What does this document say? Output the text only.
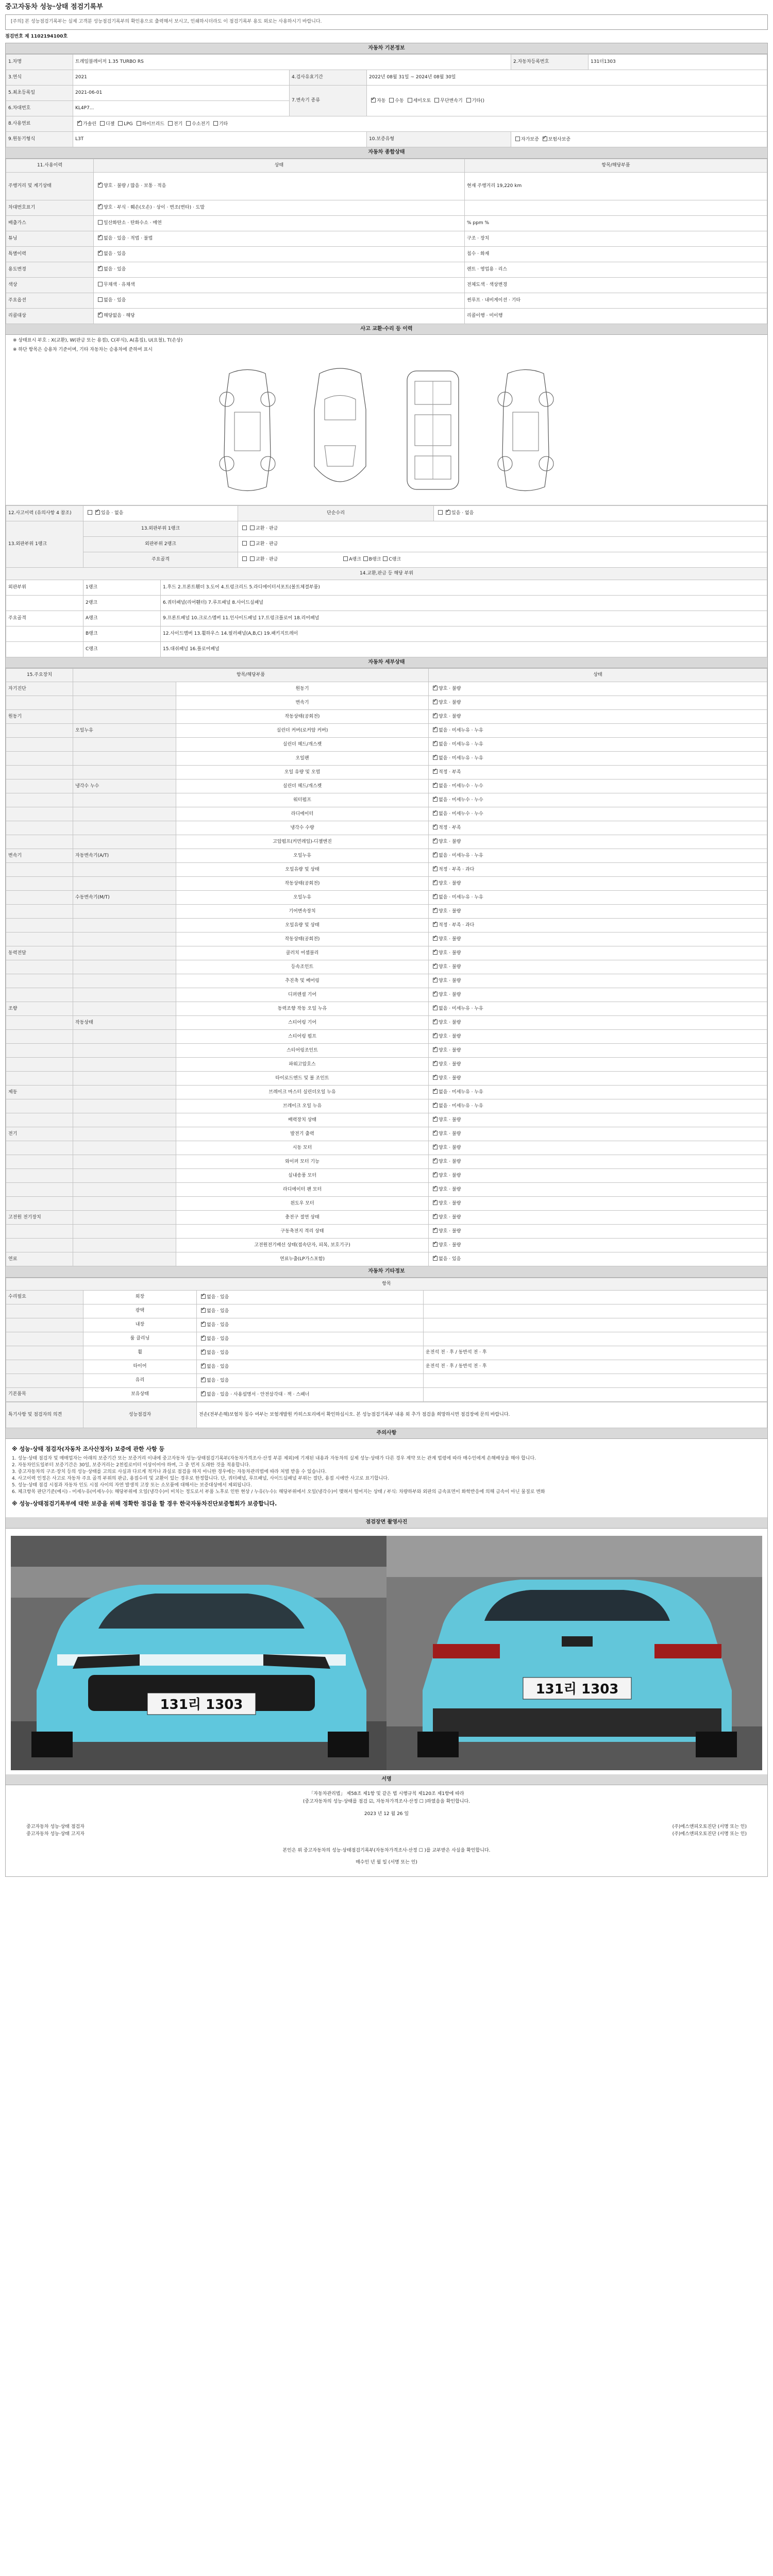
중고자동차 성능·상태 점검기록부
[주의] 본 성능점검기록부는 실제 고객분 성능점검기록부의 확인용으로 출력해서 보시고, 인쇄하시더라도 이 점검기록부 용도 외로는 사용하시기 바랍니다.
점검번호 제 1102194100호
자동차 기본정보
1.차명	트레일블레이저 1.35 TURBO RS			2.자동차등록번호	131더1303
3.연식	2021	4.검사유효기간	2022년 08월 31일 ~ 2024년 08월 30일		
5.최초등록일	2021-06-01	7.변속기 종류	✓자동 수동 세미오토 무단변속기 기타()
6.차대번호	KL4P7...				
8.사용연료	✓가솔린 디젤 LPG 하이브리드 전기 수소전기 기타
9.원동기형식	L3T		10.보증유형	자가보증 ✓ 보험사보증
자동차 종합상태
11.사용이력	상태	항목/해당부품
주행거리 및 계기상태	✓양호 · 불량 / 많음 · 보통 · 적음	현재 주행거리 19,220 km
차대번호표기	✓양호 · 부식 · 훼손(오손) · 상이 · 변조(변타) · 도말	
배출가스	일산화탄소 · 탄화수소 · 매연	% ppm %
튜닝	✓없음 · 있음 · 적법 · 불법	구조 · 장치
특별이력	✓없음 · 있음	침수 · 화재
용도변경	✓없음 · 있음	렌트 · 영업용 · 리스
색상	무채색 · 유채색	전체도색 · 색상변경
주요옵션	없음 · 있음	썬루프 · 내비게이션 · 기타
리콜대상	✓해당없음 · 해당	리콜이행 · 미이행
사고 교환·수리 등 이력
※ 상태표시 부호 : X(교환), W(판금 또는 용접), C(부식), A(흠집), U(요철), T(손상)
※ 하단 항목은 승용차 기준이며, 기타 자동차는 승용차에 준하여 표시
12.사고이력 (유의사항 4 참조)	✓있음 · 없음		단순수리	✓있음 · 없음
13.외판부위 1랭크	13.외판부위 1랭크		교환 · 판금	
	외판부위 2랭크		교환 · 판금	
	주요골격		교환 · 판금 A랭크 B랭크 C랭크	
14.교환,판금 등 해당 부위				
외판부위	1랭크	1.후드 2.프론트휀더 3.도어 4.트렁크리드 5.라디에이터서포트(볼트체결부품)		
	2랭크	6.쿼터패널(리어휀더) 7.루프패널 8.사이드실패널		
주요골격	A랭크	9.프론트패널 10.크로스멤버 11.인사이드패널 17.트렁크플로어 18.리어패널		
	B랭크	12.사이드멤버 13.휠하우스 14.필러패널(A,B,C) 19.패키지트레이		
	C랭크	15.대쉬패널 16.플로어패널		
자동차 세부상태
15.주요장치	항목/해당부품		상태
자기진단		원동기	✓양호 · 불량
		변속기	✓양호 · 불량
원동기		작동상태(공회전)	✓양호 · 불량
	오일누유	실린더 커버(로커암 커버)	✓없음 · 미세누유 · 누유
		실린더 헤드/개스켓	✓없음 · 미세누유 · 누유
		오일팬	✓없음 · 미세누유 · 누유
		오일 유량 및 오염	✓적정 · 부족
	냉각수 누수	실린더 헤드/개스켓	✓없음 · 미세누수 · 누수
		워터펌프	✓없음 · 미세누수 · 누수
		라디에이터	✓없음 · 미세누수 · 누수
		냉각수 수량	✓적정 · 부족
		고압펌프(커먼레일)-디젤엔진	✓양호 · 불량
변속기	자동변속기(A/T)	오일누유	✓없음 · 미세누유 · 누유
		오일유량 및 상태	✓적정 · 부족 · 과다
		작동상태(공회전)	✓양호 · 불량
	수동변속기(M/T)	오일누유	✓없음 · 미세누유 · 누유
		기어변속장치	✓양호 · 불량
		오일유량 및 상태	✓적정 · 부족 · 과다
		작동상태(공회전)	✓양호 · 불량
동력전달		클러치 어셈블리	✓양호 · 불량
		등속조인트	✓양호 · 불량
		추진축 및 베어링	✓양호 · 불량
		디퍼렌셜 기어	✓양호 · 불량
조향		동력조향 작동 오일 누유	✓없음 · 미세누유 · 누유
	작동상태	스티어링 기어	✓양호 · 불량
		스티어링 펌프	✓양호 · 불량
		스티어링조인트	✓양호 · 불량
		파워고압호스	✓양호 · 불량
		타이로드엔드 및 볼 조인트	✓양호 · 불량
제동		브레이크 마스터 실린더오일 누유	✓없음 · 미세누유 · 누유
		브레이크 오일 누유	✓없음 · 미세누유 · 누유
		배력장치 상태	✓양호 · 불량
전기		발전기 출력	✓양호 · 불량
		시동 모터	✓양호 · 불량
		와이퍼 모터 기능	✓양호 · 불량
		실내송풍 모터	✓양호 · 불량
		라디에이터 팬 모터	✓양호 · 불량
		윈도우 모터	✓양호 · 불량
고전원 전기장치		충전구 절연 상태	✓양호 · 불량
		구동축전지 격리 상태	✓양호 · 불량
		고전원전기배선 상태(접속단자, 피복, 보호기구)	✓양호 · 불량
연료		연료누출(LP가스포함)	✓없음 · 있음
자동차 기타정보
항목			
수리필요	외장	✓없음 · 있음	
	광택	✓없음 · 있음	
	내장	✓없음 · 있음	
	룸 클리닝	✓없음 · 있음	
	휠	✓없음 · 있음	운전석 전 · 후 / 동반석 전 · 후
	타이어	✓없음 · 있음	운전석 전 · 후 / 동반석 전 · 후
	유리	✓없음 · 있음	
기본품목	보유상태	✓없음 · 있음 · 사용설명서 · 안전삼각대 · 잭 · 스패너	
특기사항 및 점검자의 의견	성능점검자	전손(전부손해)보험차 침수 여부는 보험개발원 카히스토리에서 확인하십시오. 본 성능점검기록부 내용 외 추가 점검을 희망하시면 점검장에 문의 바랍니다.
주의사항
※ 성능·상태 점검자(자동차 조사산정자) 보증에 관한 사항 등
1. 성능·상태 점검자 및 매매업자는 아래의 보증기간 또는 보증거리 이내에 중고자동차 성능·상태점검기록부(자동차가격조사·산정 부분 제외)에 기재된 내용과 자동차의 실제 성능·상태가 다른 경우 계약 또는 관계 법령에 따라 매수인에게 손해배상을 해야 합니다.
2. 자동차인도일부터 보증기간은 30일, 보증거리는 2천킬로미터 이상이어야 하며, 그 중 먼저 도래한 것을 적용합니다.
3. 중고자동차의 구조·장치 등의 성능·상태를 고의로 사실과 다르게 적거나 과실로 점검을 하지 아니한 경우에는 자동차관리법에 따라 처벌 받을 수 있습니다.
4. 사고이력 인정은 사고로 자동차 주요 골격 부위의 판금, 용접수리 및 교환이 있는 경우로 한정합니다. 단, 쿼터패널, 루프패널, 사이드실패널 부위는 절단, 용접 시에만 사고로 표기합니다.
5. 성능·상태 점검 시점과 자동차 인도 시점 사이의 자연 발생적 고장 또는 소모품에 대해서는 보증대상에서 제외됩니다.
6. 체크항목 판단기준(예시) - 미세누유(미세누수): 해당부위에 오일(냉각수)이 비치는 정도로서 부품 노후로 인한 현상 / 누유(누수): 해당부위에서 오일(냉각수)이 맺혀서 떨어지는 상태 / 부식: 차량하부와 외판의 금속표면이 화학반응에 의해 금속이 아닌 물질로 변화
※ 성능·상태점검기록부에 대한 보증을 위해 정확한 점검을 할 경우 한국자동차진단보증협회가 보증합니다.
점검장면 촬영사진
131리 1303
131리 1303
서명
「자동차관리법」 제58조 제1항 및 같은 법 시행규칙 제120조 제1항에 따라
(중고자동차의 성능·상태를 점검 ☑, 자동차가격조사·산정 ☐ )하였음을 확인합니다.
2023 년 12 월 26 일
중고자동차 성능·상태 점검자	(주)에스앤피오토진단 (서명 또는 인)
중고자동차 성능·상태 고지자	(주)에스앤피오토진단 (서명 또는 인)
본인은 위 중고자동차의 성능·상태점검기록부(자동차가격조사·산정 ☐ )를 교부받은 사실을 확인합니다.
매수인 년 월 일 (서명 또는 인)
